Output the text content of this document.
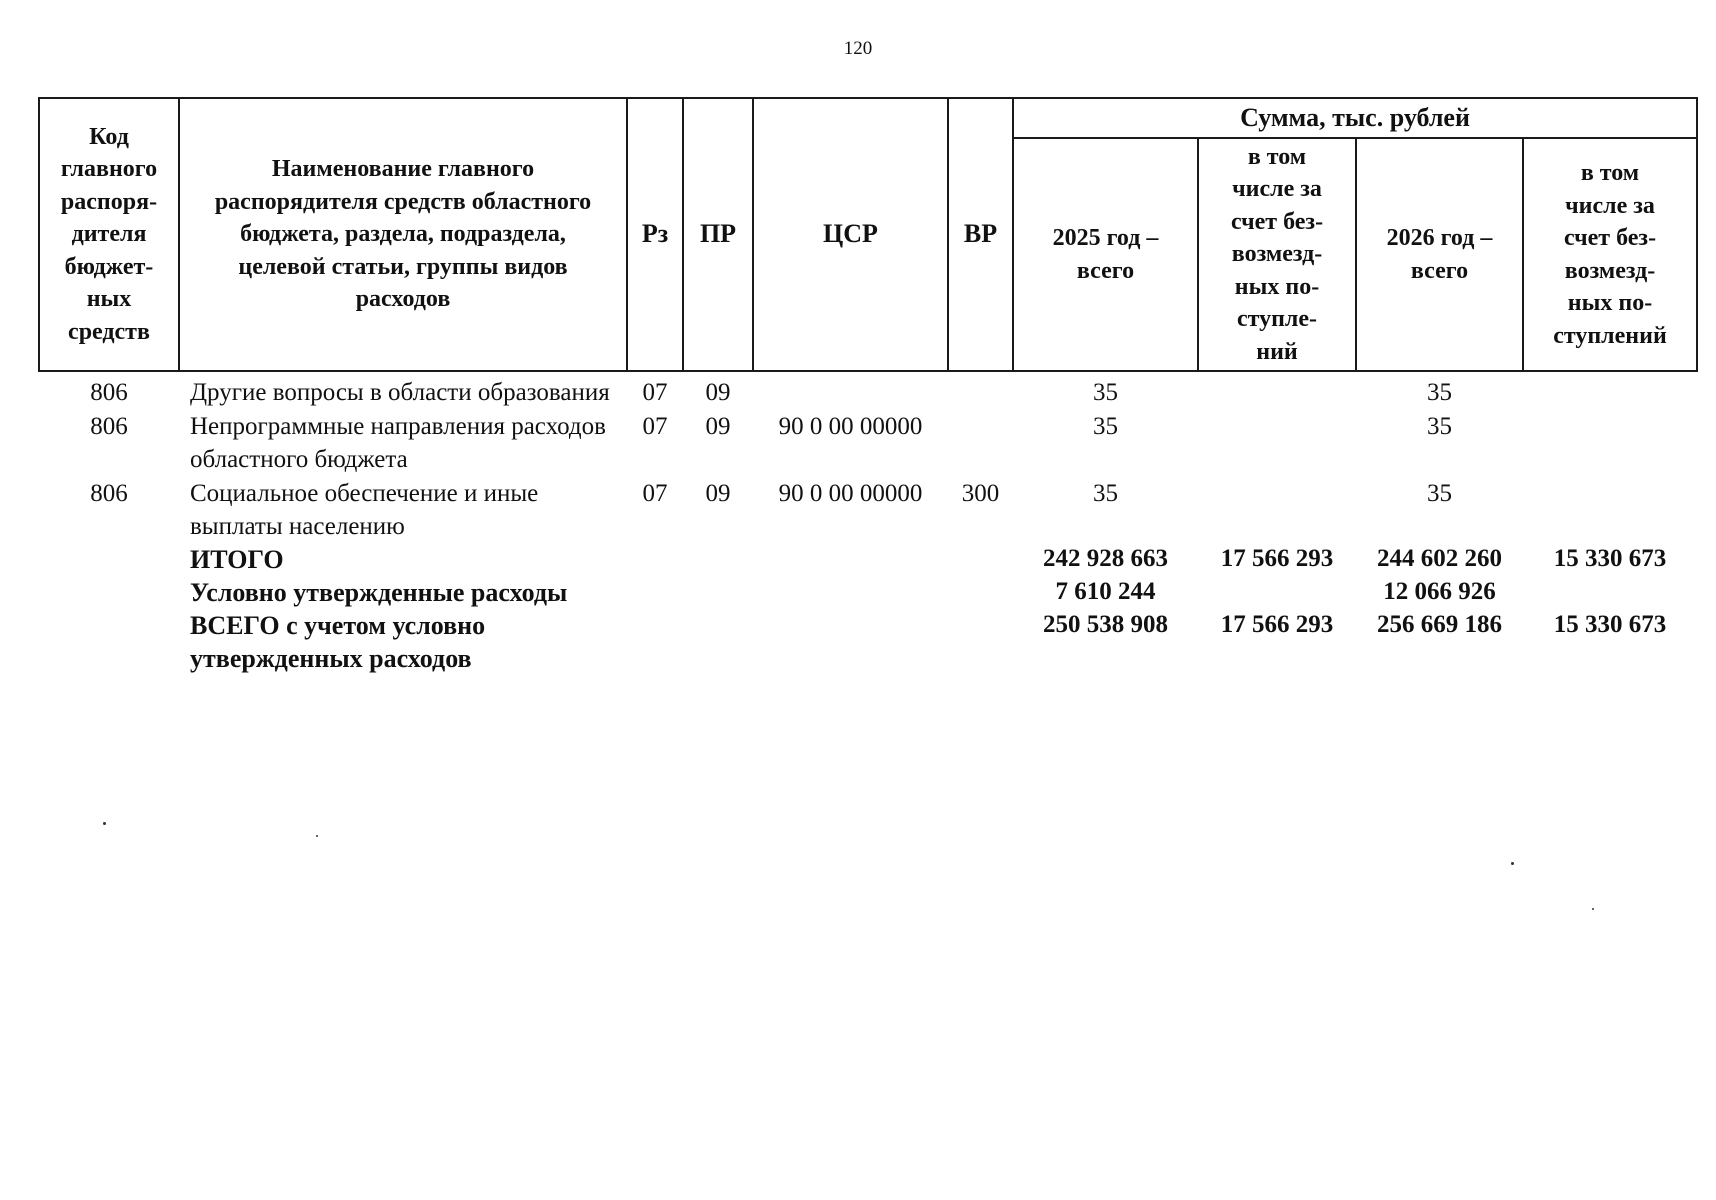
120
Код главного распоря-дителя бюджет-ных средств	Наименование главного распорядителя средств областного бюджета, раздела, подраздела, целевой статьи, группы видов расходов	Рз	ПР	ЦСР	ВР	Сумма, тыс. рублей			
						2025 год – всего	в том числе за счет без-возмезд-ных по-ступле-ний	2026 год – всего	в том числе за счет без-возмезд-ных по-ступлений
806	Другие вопросы в области образования	07	09			35		35	
806	Непрограммные направления расходов областного бюджета	07	09	90 0 00 00000		35		35	
806	Социальное обеспечение и иные выплаты населению	07	09	90 0 00 00000	300	35		35	
	ИТОГО					242 928 663	17 566 293	244 602 260	15 330 673
	Условно утвержденные расходы					7 610 244		12 066 926	
	ВСЕГО с учетом условно утвержденных расходов					250 538 908	17 566 293	256 669 186	15 330 673
